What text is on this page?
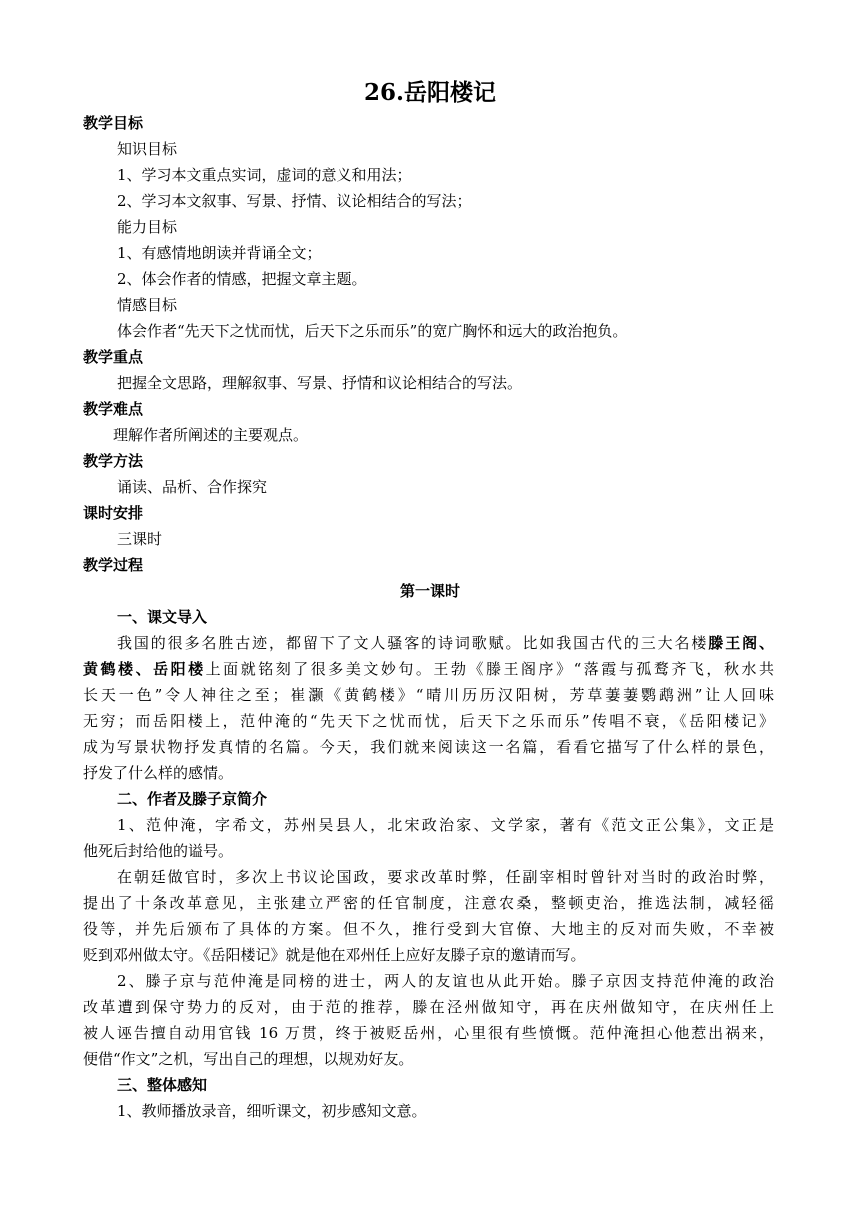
26.岳阳楼记
教学目标
知识目标
1、学习本文重点实词，虚词的意义和用法；
2、学习本文叙事、写景、抒情、议论相结合的写法；
能力目标
1、有感情地朗读并背诵全文；
2、体会作者的情感，把握文章主题。
情感目标
体会作者“先天下之忧而忧，后天下之乐而乐”的宽广胸怀和远大的政治抱负。
教学重点
把握全文思路，理解叙事、写景、抒情和议论相结合的写法。
教学难点
理解作者所阐述的主要观点。
教学方法
诵读、品析、合作探究
课时安排
三课时
教学过程
第一课时
一、课文导入
我国的很多名胜古迹，都留下了文人骚客的诗词歌赋。比如我国古代的三大名楼滕王阁、
黄鹤楼、岳阳楼上面就铭刻了很多美文妙句。王勃《滕王阁序》“落霞与孤鹜齐飞，秋水共
长天一色”令人神往之至；崔灏《黄鹤楼》“晴川历历汉阳树，芳草萋萋鹦鹉洲”让人回味
无穷；而岳阳楼上，范仲淹的“先天下之忧而忧，后天下之乐而乐”传唱不衰，《岳阳楼记》
成为写景状物抒发真情的名篇。今天，我们就来阅读这一名篇，看看它描写了什么样的景色，
抒发了什么样的感情。
二、作者及滕子京简介
1、范仲淹，字希文，苏州吴县人，北宋政治家、文学家，著有《范文正公集》，文正是
他死后封给他的谥号。
在朝廷做官时，多次上书议论国政，要求改革时弊，任副宰相时曾针对当时的政治时弊，
提出了十条改革意见，主张建立严密的任官制度，注意农桑，整顿吏治，推选法制，减轻徭
役等，并先后颁布了具体的方案。但不久，推行受到大官僚、大地主的反对而失败，不幸被
贬到邓州做太守。《岳阳楼记》就是他在邓州任上应好友滕子京的邀请而写。
2、滕子京与范仲淹是同榜的进士，两人的友谊也从此开始。滕子京因支持范仲淹的政治
改革遭到保守势力的反对，由于范的推荐，滕在泾州做知守，再在庆州做知守，在庆州任上
被人诬告擅自动用官钱 16 万贯，终于被贬岳州，心里很有些愤慨。范仲淹担心他惹出祸来，
便借“作文”之机，写出自己的理想，以规劝好友。
三、整体感知
1、教师播放录音，细听课文，初步感知文意。
